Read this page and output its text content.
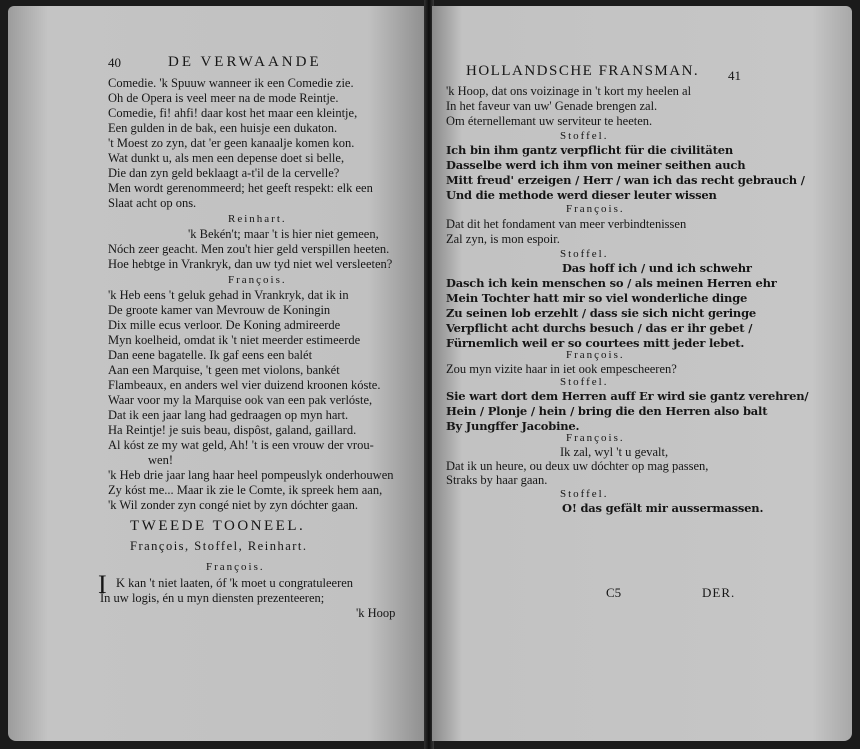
40	DE VERWAANDE
Comedie. 'k Spuuw wanneer ik een Comedie zie.
Oh de Opera is veel meer na de mode Reintje.
Comedie, fi! ahfi! daar kost het maar een kleintje,
Een gulden in de bak, een huisje een dukaton.
't Moest zo zyn, dat 'er geen kanaalje komen kon.
Wat dunkt u, als men een depense doet si belle,
Die dan zyn geld beklaagt a-t'il de la cervelle?
Men wordt gerenommeerd; het geeft respekt: elk een
Slaat acht op ons.
Reinhart.
'k Bekén't; maar 't is hier niet gemeen,
Nóch zeer geacht. Men zou't hier geld verspillen heeten.
Hoe hebtge in Vrankryk, dan uw tyd niet wel versleeten?
François.
'k Heb eens 't geluk gehad in Vrankryk, dat ik in
De groote kamer van Mevrouw de Koningin
Dix mille ecus verloor. De Koning admireerde
Myn koelheid, omdat ik 't niet meerder estimeerde
Dan eene bagatelle. Ik gaf eens een balét
Aan een Marquise, 't geen met violons, bankét
Flambeaux, en anders wel vier duizend kroonen kóste.
Waar voor my la Marquise ook van een pak verlóste,
Dat ik een jaar lang had gedraagen op myn hart.
Ha Reintje! je suis beau, dispôst, galand, gaillard.
Al kóst ze my wat geld, Ah! 't is een vrouw der vrou-
wen!
'k Heb drie jaar lang haar heel pompeuslyk onderhouwen
Zy kóst me... Maar ik zie le Comte, ik spreek hem aan,
'k Wil zonder zyn congé niet by zyn dóchter gaan.
TWEEDE TOONEEL.
François, Stoffel, Reinhart.
François.
I K kan 't niet laaten, óf 'k moet u congratuleeren
In uw logis, én u myn diensten prezenteeren;
'k Hoop
HOLLANDSCHE FRANSMAN. 41
'k Hoop, dat ons voizinage in 't kort my heelen al
In het faveur van uw' Genade brengen zal.
Om éternellemant uw serviteur te heeten.
Stoffel.
Ich bin ihm gantz verpflicht für die civilitäten
Dasselbe werd ich ihm von meiner seithen auch
Mitt freud' erzeigen / Herr / wan ich das recht gebrauch /
Und die methode werd dieser leuter wissen
François.
Dat dit het fondament van meer verbindtenissen
Zal zyn, is mon espoir.
Stoffel.
Das hoff ich / und ich schwehr
Dasch ich kein menschen so / als meinen Herren ehr
Mein Tochter hatt mir so viel wonderliche dinge
Zu seinen lob erzehlt / dass sie sich nicht geringe
Verpflicht acht durchs besuch / das er ihr gebet /
Fürnemlich weil er so courtees mitt jeder lebet.
François.
Zou myn vizite haar in iet ook empescheeren?
Stoffel.
Sie wart dort dem Herren auff Er wird sie gantz verehren/
Hein / Plonje / hein / bring die den Herren also balt
By Jungffer Jacobine.
François.
Ik zal, wyl 't u gevalt,
Dat ik un heure, ou deux uw dóchter op mag passen,
Straks by haar gaan.
Stoffel.
O! das gefält mir aussermassen.
C5	DER.
